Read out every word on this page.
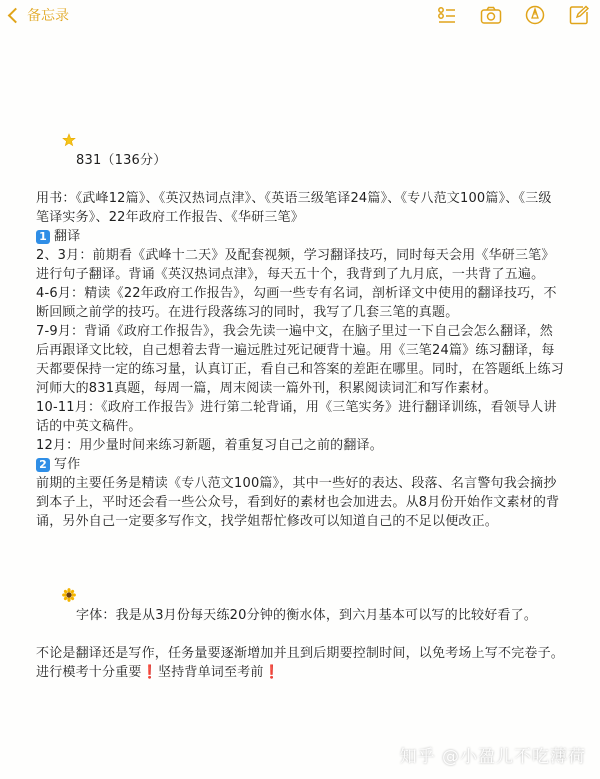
备忘录

831（136分）

用书：《武峰12篇》、《英汉热词点津》、《英语三级笔译24篇》、《专八范文100篇》、《三级笔译实务》、22年政府工作报告、《华研三笔》
1 翻译
2、3月：前期看《武峰十二天》及配套视频，学习翻译技巧，同时每天会用《华研三笔》进行句子翻译。背诵《英汉热词点津》，每天五十个，我背到了九月底，一共背了五遍。
4-6月：精读《22年政府工作报告》，勾画一些专有名词，剖析译文中使用的翻译技巧，不断回顾之前学的技巧。在进行段落练习的同时，我写了几套三笔的真题。
7-9月：背诵《政府工作报告》，我会先读一遍中文，在脑子里过一下自己会怎么翻译，然后再跟译文比较，自己想着去背一遍远胜过死记硬背十遍。用《三笔24篇》练习翻译，每天都要保持一定的练习量，认真订正，看自己和答案的差距在哪里。同时，在答题纸上练习河师大的831真题，每周一篇，周末阅读一篇外刊，积累阅读词汇和写作素材。
10-11月：《政府工作报告》进行第二轮背诵，用《三笔实务》进行翻译训练，看领导人讲话的中英文稿件。
12月：用少量时间来练习新题，着重复习自己之前的翻译。
2 写作
前期的主要任务是精读《专八范文100篇》，其中一些好的表达、段落、名言警句我会摘抄到本子上，平时还会看一些公众号，看到好的素材也会加进去。从8月份开始作文素材的背诵，另外自己一定要多写作文，找学姐帮忙修改可以知道自己的不足以便改正。

字体：我是从3月份每天练20分钟的衡水体，到六月基本可以写的比较好看了。

不论是翻译还是写作，任务量要逐渐增加并且到后期要控制时间，以免考场上写不完卷子。进行模考十分重要❗坚持背单词至考前❗
知乎 @小盈儿不吃薄荷
